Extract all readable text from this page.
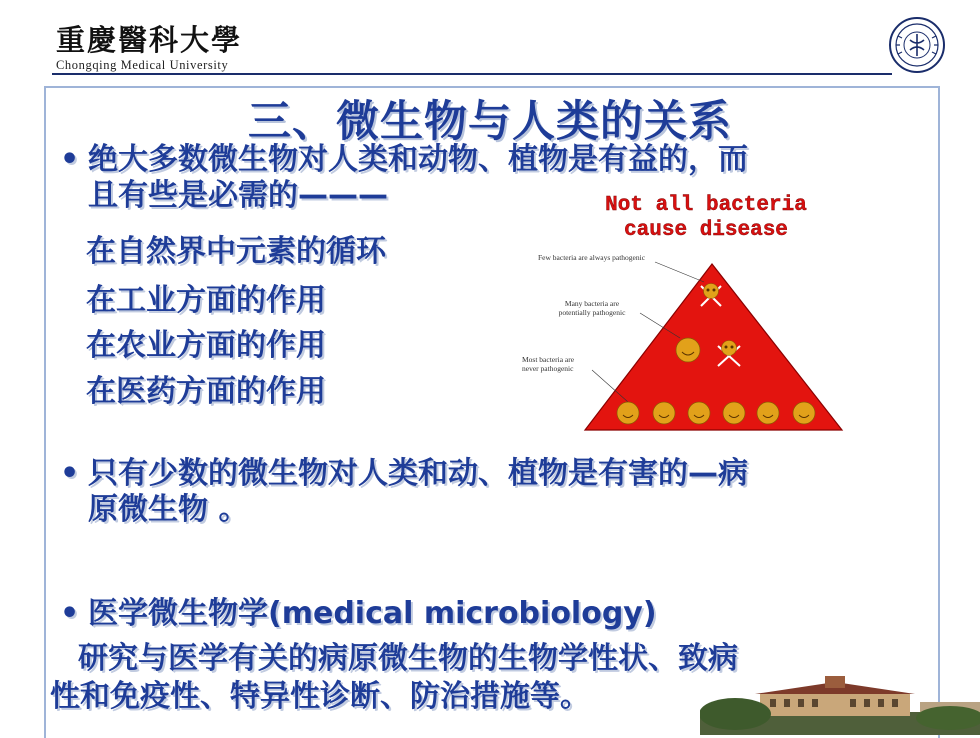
重慶醫科大學
Chongqing Medical University
三、微生物与人类的关系
• 绝大多数微生物对人类和动物、植物是有益的，而
且有些是必需的———
在自然界中元素的循环
在工业方面的作用
在农业方面的作用
在医药方面的作用
• 只有少数的微生物对人类和动、植物是有害的—病
原微生物 。
• 医学微生物学(medical microbiology)
研究与医学有关的病原微生物的生物学性状、致病
性和免疫性、特异性诊断、防治措施等。
Not all bacteria
cause disease
Few bacteria are always pathogenic
Many bacteria are
potentially pathogenic
Most bacteria are
never pathogenic
